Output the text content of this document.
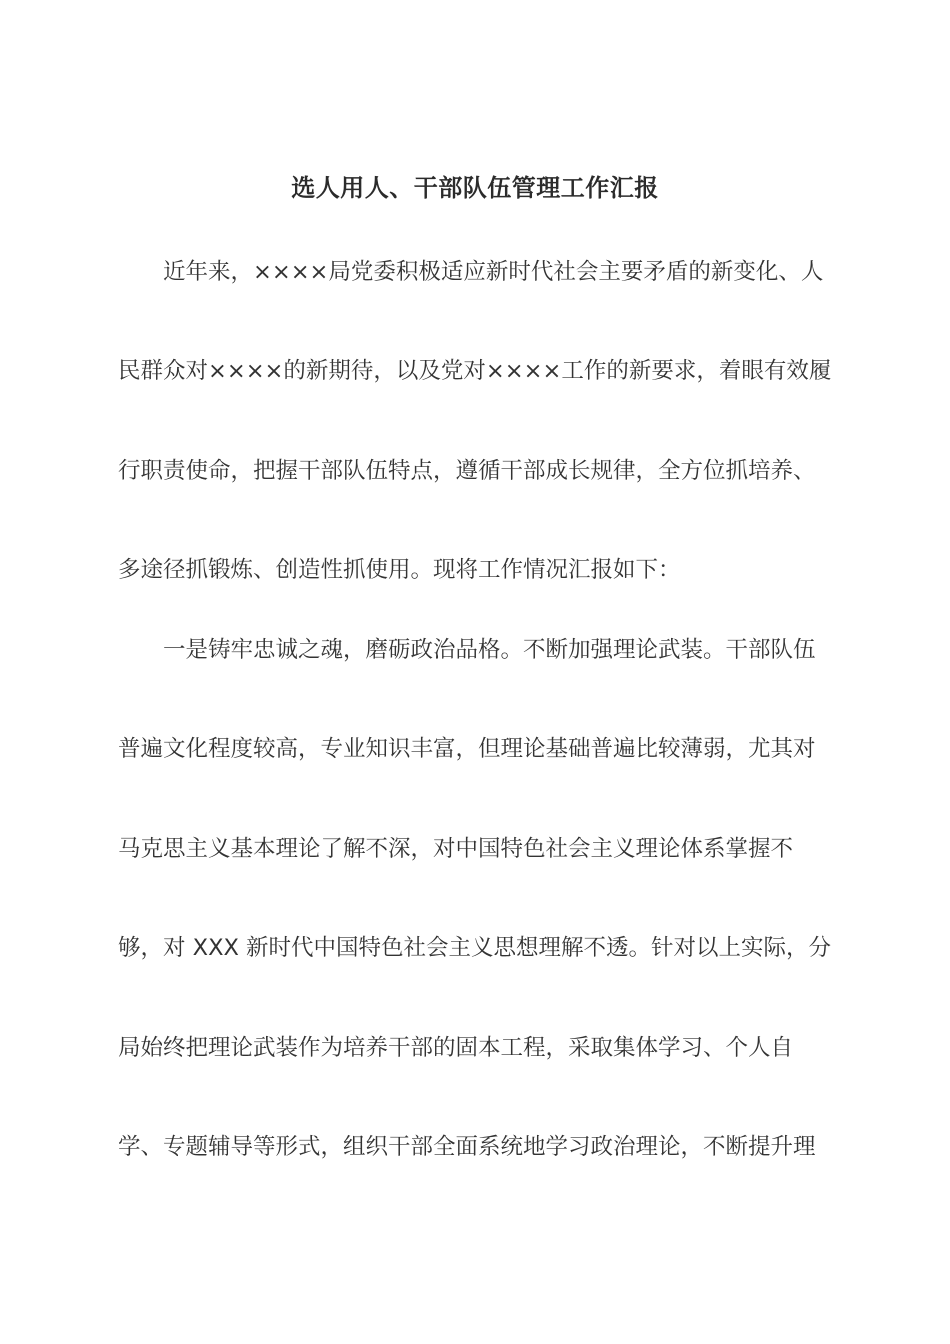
选人用人、干部队伍管理工作汇报

近年来，××××局党委积极适应新时代社会主要矛盾的新变化、人

民群众对××××的新期待，以及党对××××工作的新要求，着眼有效履

行职责使命，把握干部队伍特点，遵循干部成长规律，全方位抓培养、

多途径抓锻炼、创造性抓使用。现将工作情况汇报如下：

一是铸牢忠诚之魂，磨砺政治品格。不断加强理论武装。干部队伍

普遍文化程度较高，专业知识丰富，但理论基础普遍比较薄弱，尤其对

马克思主义基本理论了解不深，对中国特色社会主义理论体系掌握不

够，对 XXX 新时代中国特色社会主义思想理解不透。针对以上实际，分

局始终把理论武装作为培养干部的固本工程，采取集体学习、个人自

学、专题辅导等形式，组织干部全面系统地学习政治理论，不断提升理
